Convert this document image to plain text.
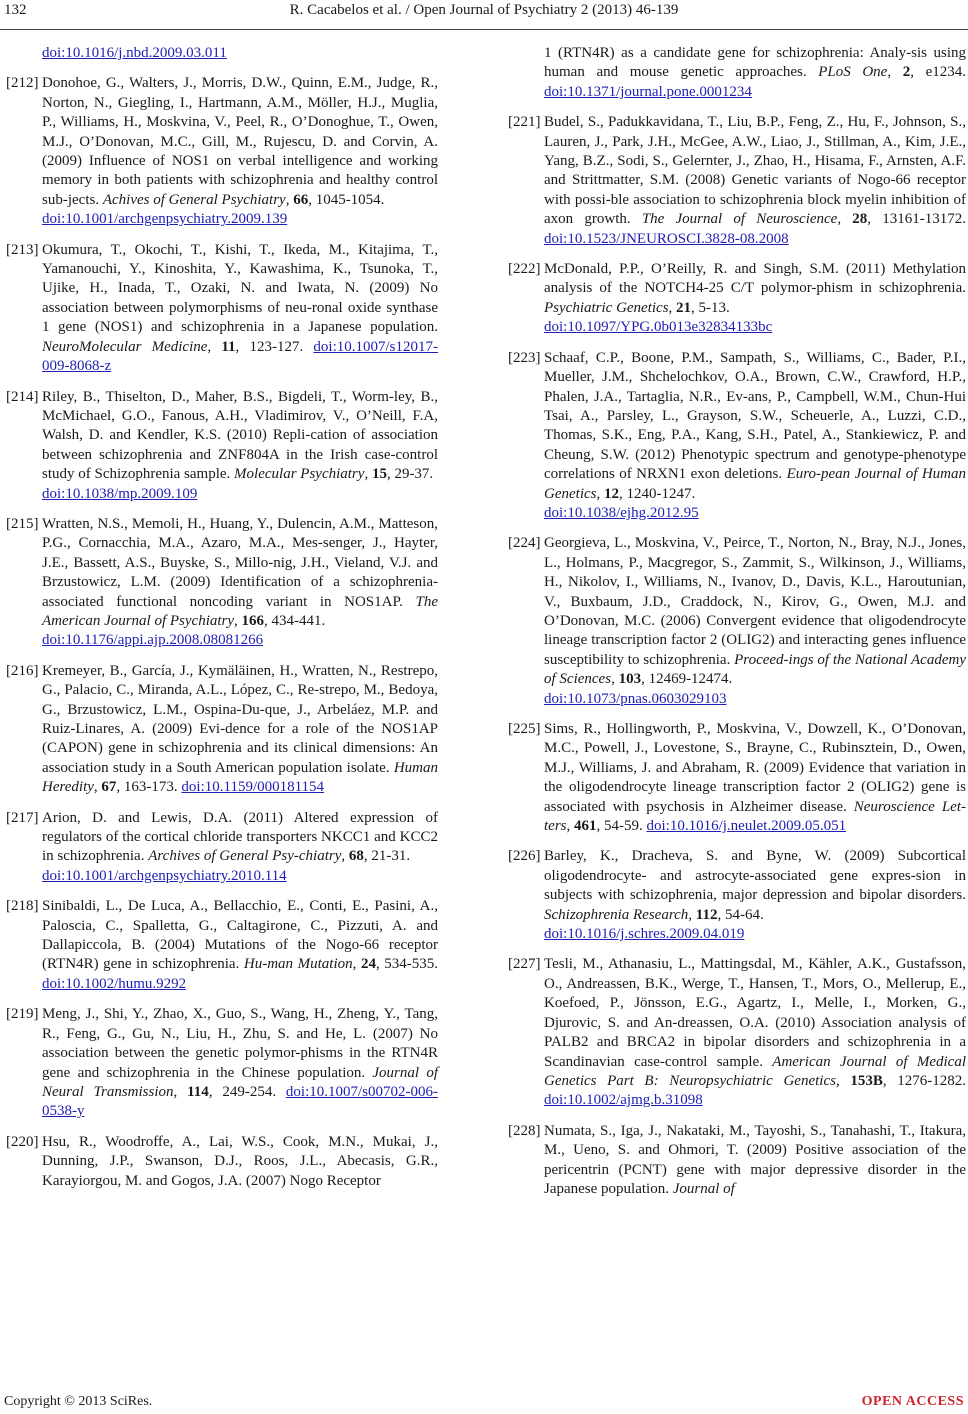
132	R. Cacabelos et al. / Open Journal of Psychiatry 2 (2013) 46-139
doi:10.1016/j.nbd.2009.03.011
[212] Donohoe, G., Walters, J., Morris, D.W., Quinn, E.M., Judge, R., Norton, N., Giegling, I., Hartmann, A.M., Möller, H.J., Muglia, P., Williams, H., Moskvina, V., Peel, R., O’Donoghue, T., Owen, M.J., O’Donovan, M.C., Gill, M., Rujescu, D. and Corvin, A. (2009) Influence of NOS1 on verbal intelligence and working memory in both patients with schizophrenia and healthy control sub-jects. Achives of General Psychiatry, 66, 1045-1054.
doi:10.1001/archgenpsychiatry.2009.139
[213] Okumura, T., Okochi, T., Kishi, T., Ikeda, M., Kitajima, T., Yamanouchi, Y., Kinoshita, Y., Kawashima, K., Tsunoka, T., Ujike, H., Inada, T., Ozaki, N. and Iwata, N. (2009) No association between polymorphisms of neu-ronal oxide synthase 1 gene (NOS1) and schizophrenia in a Japanese population. NeuroMolecular Medicine, 11, 123-127. doi:10.1007/s12017-009-8068-z
[214] Riley, B., Thiselton, D., Maher, B.S., Bigdeli, T., Worm-ley, B., McMichael, G.O., Fanous, A.H., Vladimirov, V., O’Neill, F.A, Walsh, D. and Kendler, K.S. (2010) Repli-cation of association between schizophrenia and ZNF804A in the Irish case-control study of Schizophrenia sample. Molecular Psychiatry, 15, 29-37.
doi:10.1038/mp.2009.109
[215] Wratten, N.S., Memoli, H., Huang, Y., Dulencin, A.M., Matteson, P.G., Cornacchia, M.A., Azaro, M.A., Mes-senger, J., Hayter, J.E., Bassett, A.S., Buyske, S., Millo-nig, J.H., Vieland, V.J. and Brzustowicz, L.M. (2009) Identification of a schizophrenia-associated functional noncoding variant in NOS1AP. The American Journal of Psychiatry, 166, 434-441.
doi:10.1176/appi.ajp.2008.08081266
[216] Kremeyer, B., García, J., Kymäläinen, H., Wratten, N., Restrepo, G., Palacio, C., Miranda, A.L., López, C., Re-strepo, M., Bedoya, G., Brzustowicz, L.M., Ospina-Du-que, J., Arbeláez, M.P. and Ruiz-Linares, A. (2009) Evi-dence for a role of the NOS1AP (CAPON) gene in schizophrenia and its clinical dimensions: An association study in a South American population isolate. Human Heredity, 67, 163-173. doi:10.1159/000181154
[217] Arion, D. and Lewis, D.A. (2011) Altered expression of regulators of the cortical chloride transporters NKCC1 and KCC2 in schizophrenia. Archives of General Psy-chiatry, 68, 21-31.
doi:10.1001/archgenpsychiatry.2010.114
[218] Sinibaldi, L., De Luca, A., Bellacchio, E., Conti, E., Pasini, A., Paloscia, C., Spalletta, G., Caltagirone, C., Pizzuti, A. and Dallapiccola, B. (2004) Mutations of the Nogo-66 receptor (RTN4R) gene in schizophrenia. Hu-man Mutation, 24, 534-535. doi:10.1002/humu.9292
[219] Meng, J., Shi, Y., Zhao, X., Guo, S., Wang, H., Zheng, Y., Tang, R., Feng, G., Gu, N., Liu, H., Zhu, S. and He, L. (2007) No association between the genetic polymor-phisms in the RTN4R gene and schizophrenia in the Chinese population. Journal of Neural Transmission, 114, 249-254. doi:10.1007/s00702-006-0538-y
[220] Hsu, R., Woodroffe, A., Lai, W.S., Cook, M.N., Mukai, J., Dunning, J.P., Swanson, D.J., Roos, J.L., Abecasis, G.R., Karayiorgou, M. and Gogos, J.A. (2007) Nogo Receptor
1 (RTN4R) as a candidate gene for schizophrenia: Analy-sis using human and mouse genetic approaches. PLoS One, 2, e1234. doi:10.1371/journal.pone.0001234
[221] Budel, S., Padukkavidana, T., Liu, B.P., Feng, Z., Hu, F., Johnson, S., Lauren, J., Park, J.H., McGee, A.W., Liao, J., Stillman, A., Kim, J.E., Yang, B.Z., Sodi, S., Gelernter, J., Zhao, H., Hisama, F., Arnsten, A.F. and Strittmatter, S.M. (2008) Genetic variants of Nogo-66 receptor with possi-ble association to schizophrenia block myelin inhibition of axon growth. The Journal of Neuroscience, 28, 13161-13172. doi:10.1523/JNEUROSCI.3828-08.2008
[222] McDonald, P.P., O’Reilly, R. and Singh, S.M. (2011) Methylation analysis of the NOTCH4-25 C/T polymor-phism in schizophrenia. Psychiatric Genetics, 21, 5-13.
doi:10.1097/YPG.0b013e32834133bc
[223] Schaaf, C.P., Boone, P.M., Sampath, S., Williams, C., Bader, P.I., Mueller, J.M., Shchelochkov, O.A., Brown, C.W., Crawford, H.P., Phalen, J.A., Tartaglia, N.R., Ev-ans, P., Campbell, W.M., Chun-Hui Tsai, A., Parsley, L., Grayson, S.W., Scheuerle, A., Luzzi, C.D., Thomas, S.K., Eng, P.A., Kang, S.H., Patel, A., Stankiewicz, P. and Cheung, S.W. (2012) Phenotypic spectrum and genotype-phenotype correlations of NRXN1 exon deletions. Euro-pean Journal of Human Genetics, 12, 1240-1247.
doi:10.1038/ejhg.2012.95
[224] Georgieva, L., Moskvina, V., Peirce, T., Norton, N., Bray, N.J., Jones, L., Holmans, P., Macgregor, S., Zammit, S., Wilkinson, J., Williams, H., Nikolov, I., Williams, N., Ivanov, D., Davis, K.L., Haroutunian, V., Buxbaum, J.D., Craddock, N., Kirov, G., Owen, M.J. and O’Donovan, M.C. (2006) Convergent evidence that oligodendrocyte lineage transcription factor 2 (OLIG2) and interacting genes influence susceptibility to schizophrenia. Proceed-ings of the National Academy of Sciences, 103, 12469-12474.
doi:10.1073/pnas.0603029103
[225] Sims, R., Hollingworth, P., Moskvina, V., Dowzell, K., O’Donovan, M.C., Powell, J., Lovestone, S., Brayne, C., Rubinsztein, D., Owen, M.J., Williams, J. and Abraham, R. (2009) Evidence that variation in the oligodendrocyte lineage transcription factor 2 (OLIG2) gene is associated with psychosis in Alzheimer disease. Neuroscience Let-ters, 461, 54-59. doi:10.1016/j.neulet.2009.05.051
[226] Barley, K., Dracheva, S. and Byne, W. (2009) Subcortical oligodendrocyte- and astrocyte-associated gene expres-sion in subjects with schizophrenia, major depression and bipolar disorders. Schizophrenia Research, 112, 54-64.
doi:10.1016/j.schres.2009.04.019
[227] Tesli, M., Athanasiu, L., Mattingsdal, M., Kähler, A.K., Gustafsson, O., Andreassen, B.K., Werge, T., Hansen, T., Mors, O., Mellerup, E., Koefoed, P., Jönsson, E.G., Agartz, I., Melle, I., Morken, G., Djurovic, S. and An-dreassen, O.A. (2010) Association analysis of PALB2 and BRCA2 in bipolar disorders and schizophrenia in a Scandinavian case-control sample. American Journal of Medical Genetics Part B: Neuropsychiatric Genetics, 153B, 1276-1282. doi:10.1002/ajmg.b.31098
[228] Numata, S., Iga, J., Nakataki, M., Tayoshi, S., Tanahashi, T., Itakura, M., Ueno, S. and Ohmori, T. (2009) Positive association of the pericentrin (PCNT) gene with major depressive disorder in the Japanese population. Journal of
Copyright © 2013 SciRes.	OPEN ACCESS
